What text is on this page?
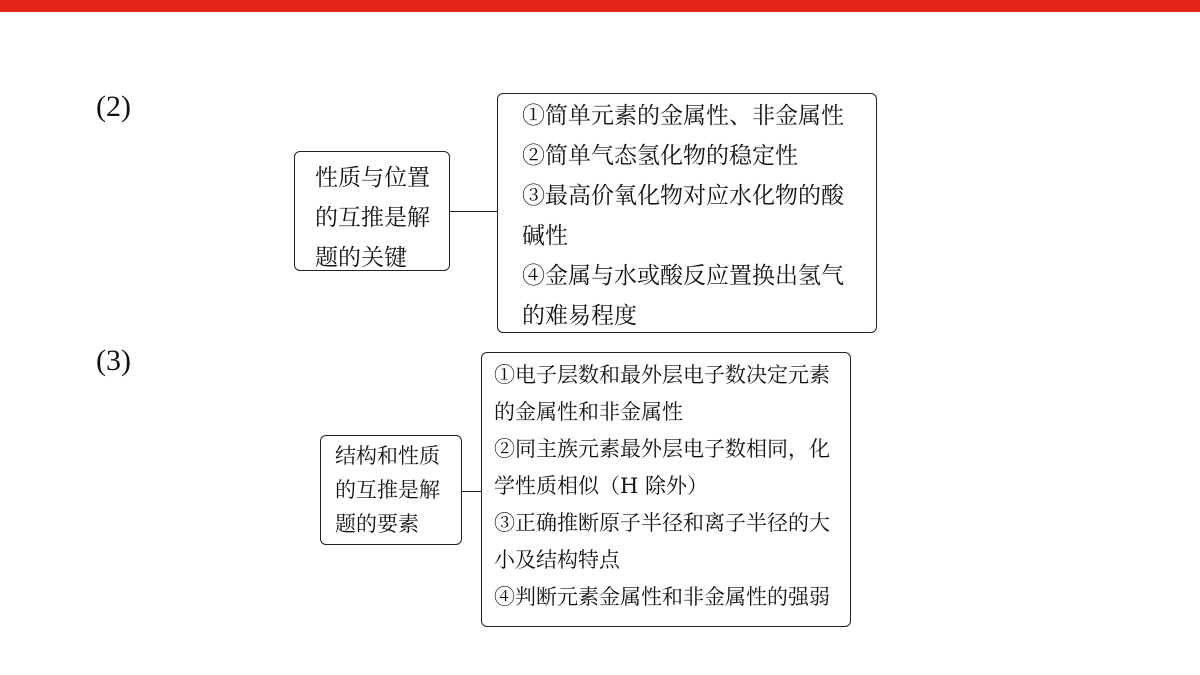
(2)
性质与位置
的互推是解
题的关键
①简单元素的金属性、非金属性
②简单气态氢化物的稳定性
③最高价氧化物对应水化物的酸
碱性
④金属与水或酸反应置换出氢气
的难易程度
(3)
结构和性质
的互推是解
题的要素
①电子层数和最外层电子数决定元素
的金属性和非金属性
②同主族元素最外层电子数相同，化
学性质相似（H 除外）
③正确推断原子半径和离子半径的大
小及结构特点
④判断元素金属性和非金属性的强弱
